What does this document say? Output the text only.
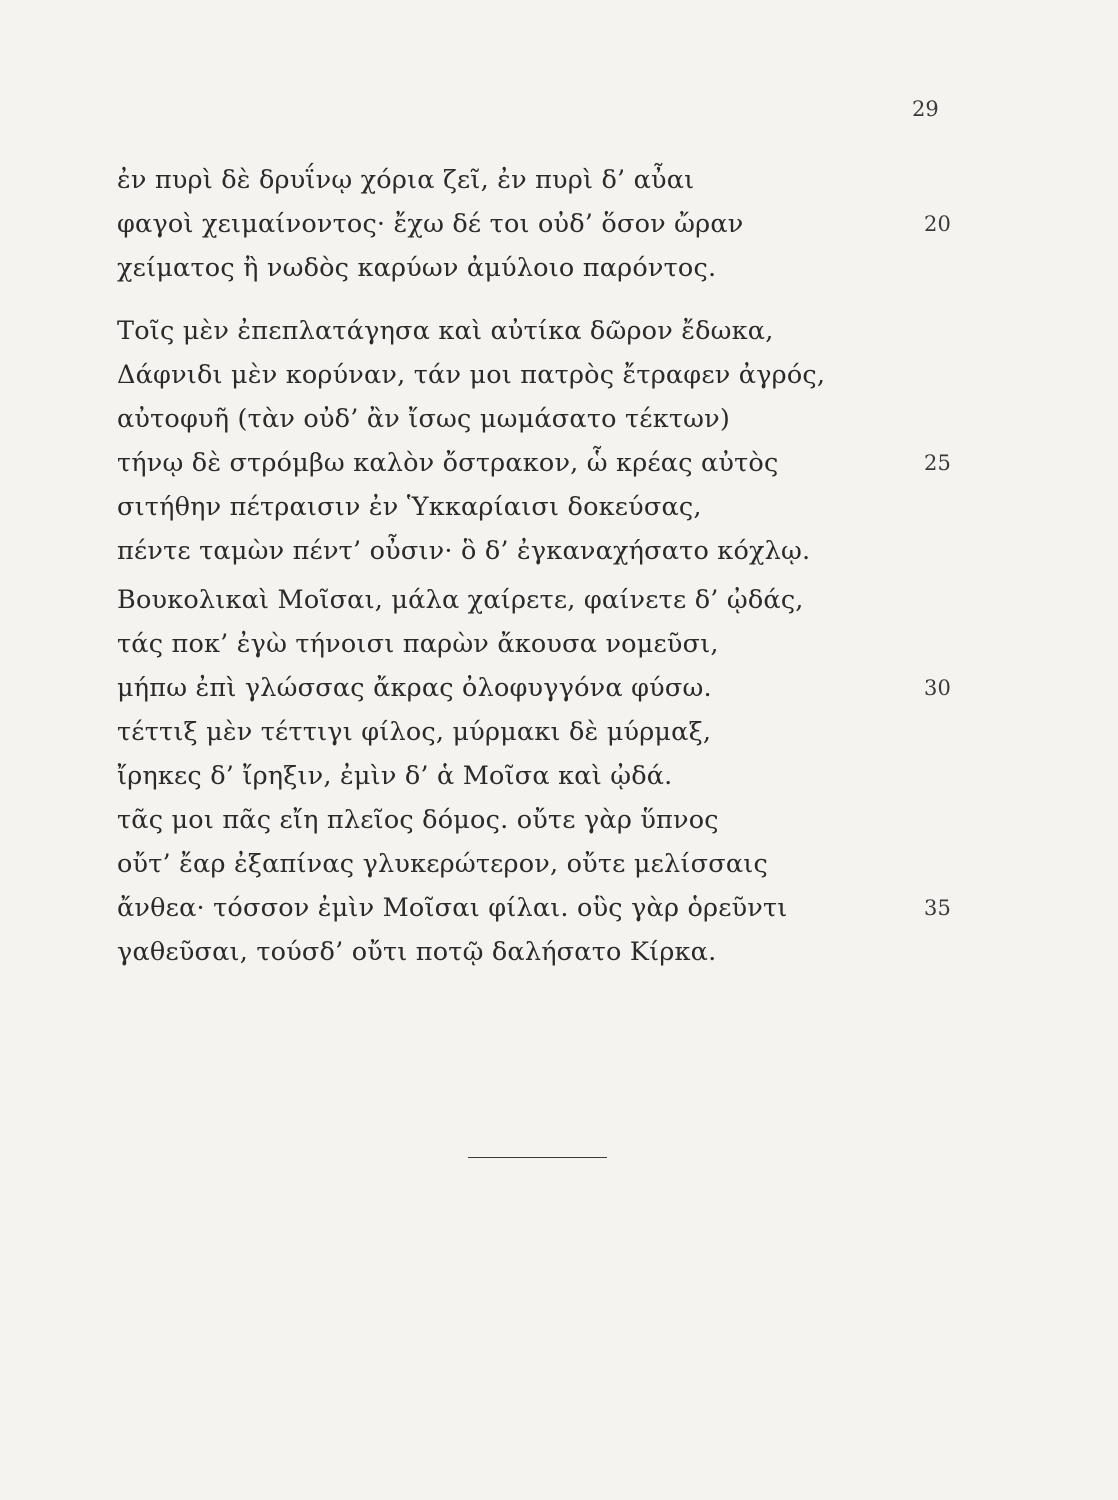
29
ἐν πυρὶ δὲ δρυΐνῳ χόρια ζεῖ, ἐν πυρὶ δ’ αὖαι
φαγοὶ χειμαίνοντος· ἔχω δέ τοι οὐδ’ ὅσον ὤραν	20
χείματος ἢ νωδὸς καρύων ἀμύλοιο παρόντος.
Τοῖς μὲν ἐπεπλατάγησα καὶ αὐτίκα δῶρον ἔδωκα,
Δάφνιδι μὲν κορύναν, τάν μοι πατρὸς ἔτραφεν ἀγρός,
αὐτοφυῆ (τὰν οὐδ’ ἂν ἴσως μωμάσατο τέκτων)
τήνῳ δὲ στρόμβω καλὸν ὄστρακον, ὧ κρέας αὐτὸς	25
σιτήθην πέτραισιν ἐν Ὑκκαρίαισι δοκεύσας,
πέντε ταμὼν πέντ’ οὖσιν· ὃ δ’ ἐγκαναχήσατο κόχλῳ.
Βουκολικαὶ Μοῖσαι, μάλα χαίρετε, φαίνετε δ’ ᾠδάς,
τάς ποκ’ ἐγὼ τήνοισι παρὼν ἄκουσα νομεῦσι,
μήπω ἐπὶ γλώσσας ἄκρας ὀλοφυγγόνα φύσω.	30
τέττιξ μὲν τέττιγι φίλος, μύρμακι δὲ μύρμαξ,
ἴρηκες δ’ ἴρηξιν, ἐμὶν δ’ ἁ Μοῖσα καὶ ᾠδά.
τᾶς μοι πᾶς εἴη πλεῖος δόμος. οὔτε γὰρ ὕπνος
οὔτ’ ἔαρ ἐξαπίνας γλυκερώτερον, οὔτε μελίσσαις
ἄνθεα· τόσσον ἐμὶν Μοῖσαι φίλαι. οὓς γὰρ ὁρεῦντι	35
γαθεῦσαι, τούσδ’ οὔτι ποτῷ δαλήσατο Κίρκα.
